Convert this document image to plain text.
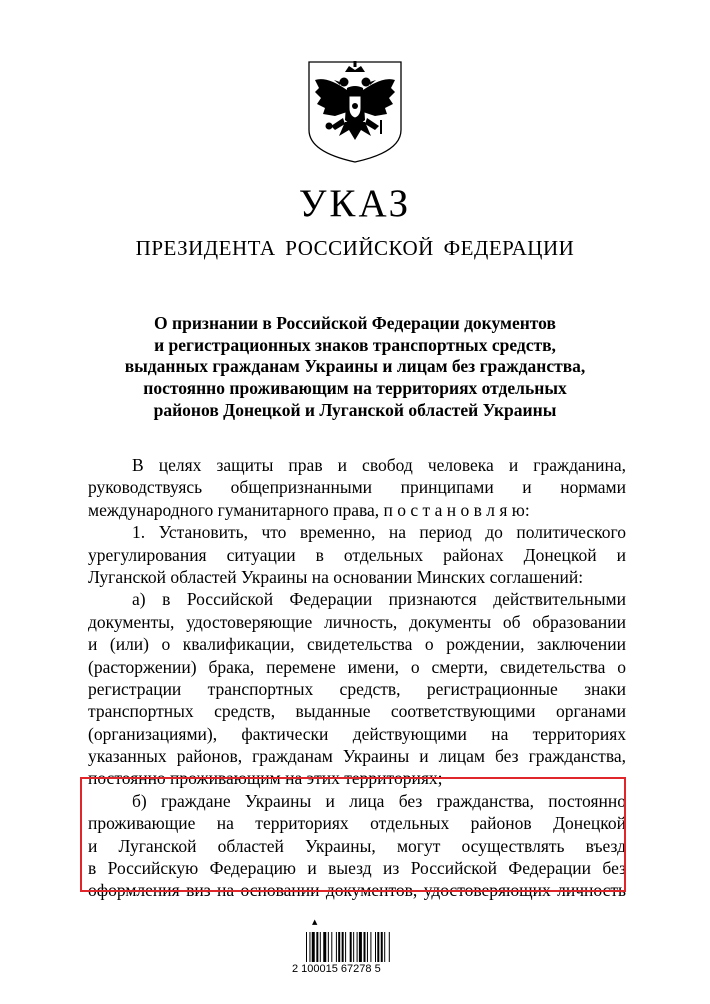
УКАЗ
ПРЕЗИДЕНТА РОССИЙСКОЙ ФЕДЕРАЦИИ
О признании в Российской Федерации документов
и регистрационных знаков транспортных средств,
выданных гражданам Украины и лицам без гражданства,
постоянно проживающим на территориях отдельных
районов Донецкой и Луганской областей Украины
В целях защиты прав и свобод человека и гражданина,
руководствуясь общепризнанными принципами и нормами
международного гуманитарного права, п о с т а н о в л я ю:
1. Установить, что временно, на период до политического
урегулирования ситуации в отдельных районах Донецкой и
Луганской областей Украины на основании Минских соглашений:
а) в Российской Федерации признаются действительными
документы, удостоверяющие личность, документы об образовании
и (или) о квалификации, свидетельства о рождении, заключении
(расторжении) брака, перемене имени, о смерти, свидетельства о
регистрации транспортных средств, регистрационные знаки
транспортных средств, выданные соответствующими органами
(организациями), фактически действующими на территориях
указанных районов, гражданам Украины и лицам без гражданства,
постоянно проживающим на этих территориях;
б) граждане Украины и лица без гражданства, постоянно
проживающие на территориях отдельных районов Донецкой
и Луганской областей Украины, могут осуществлять въезд
в Российскую Федерацию и выезд из Российской Федерации без
оформления виз на основании документов, удостоверяющих личность
▲
2 100015 67278 5
